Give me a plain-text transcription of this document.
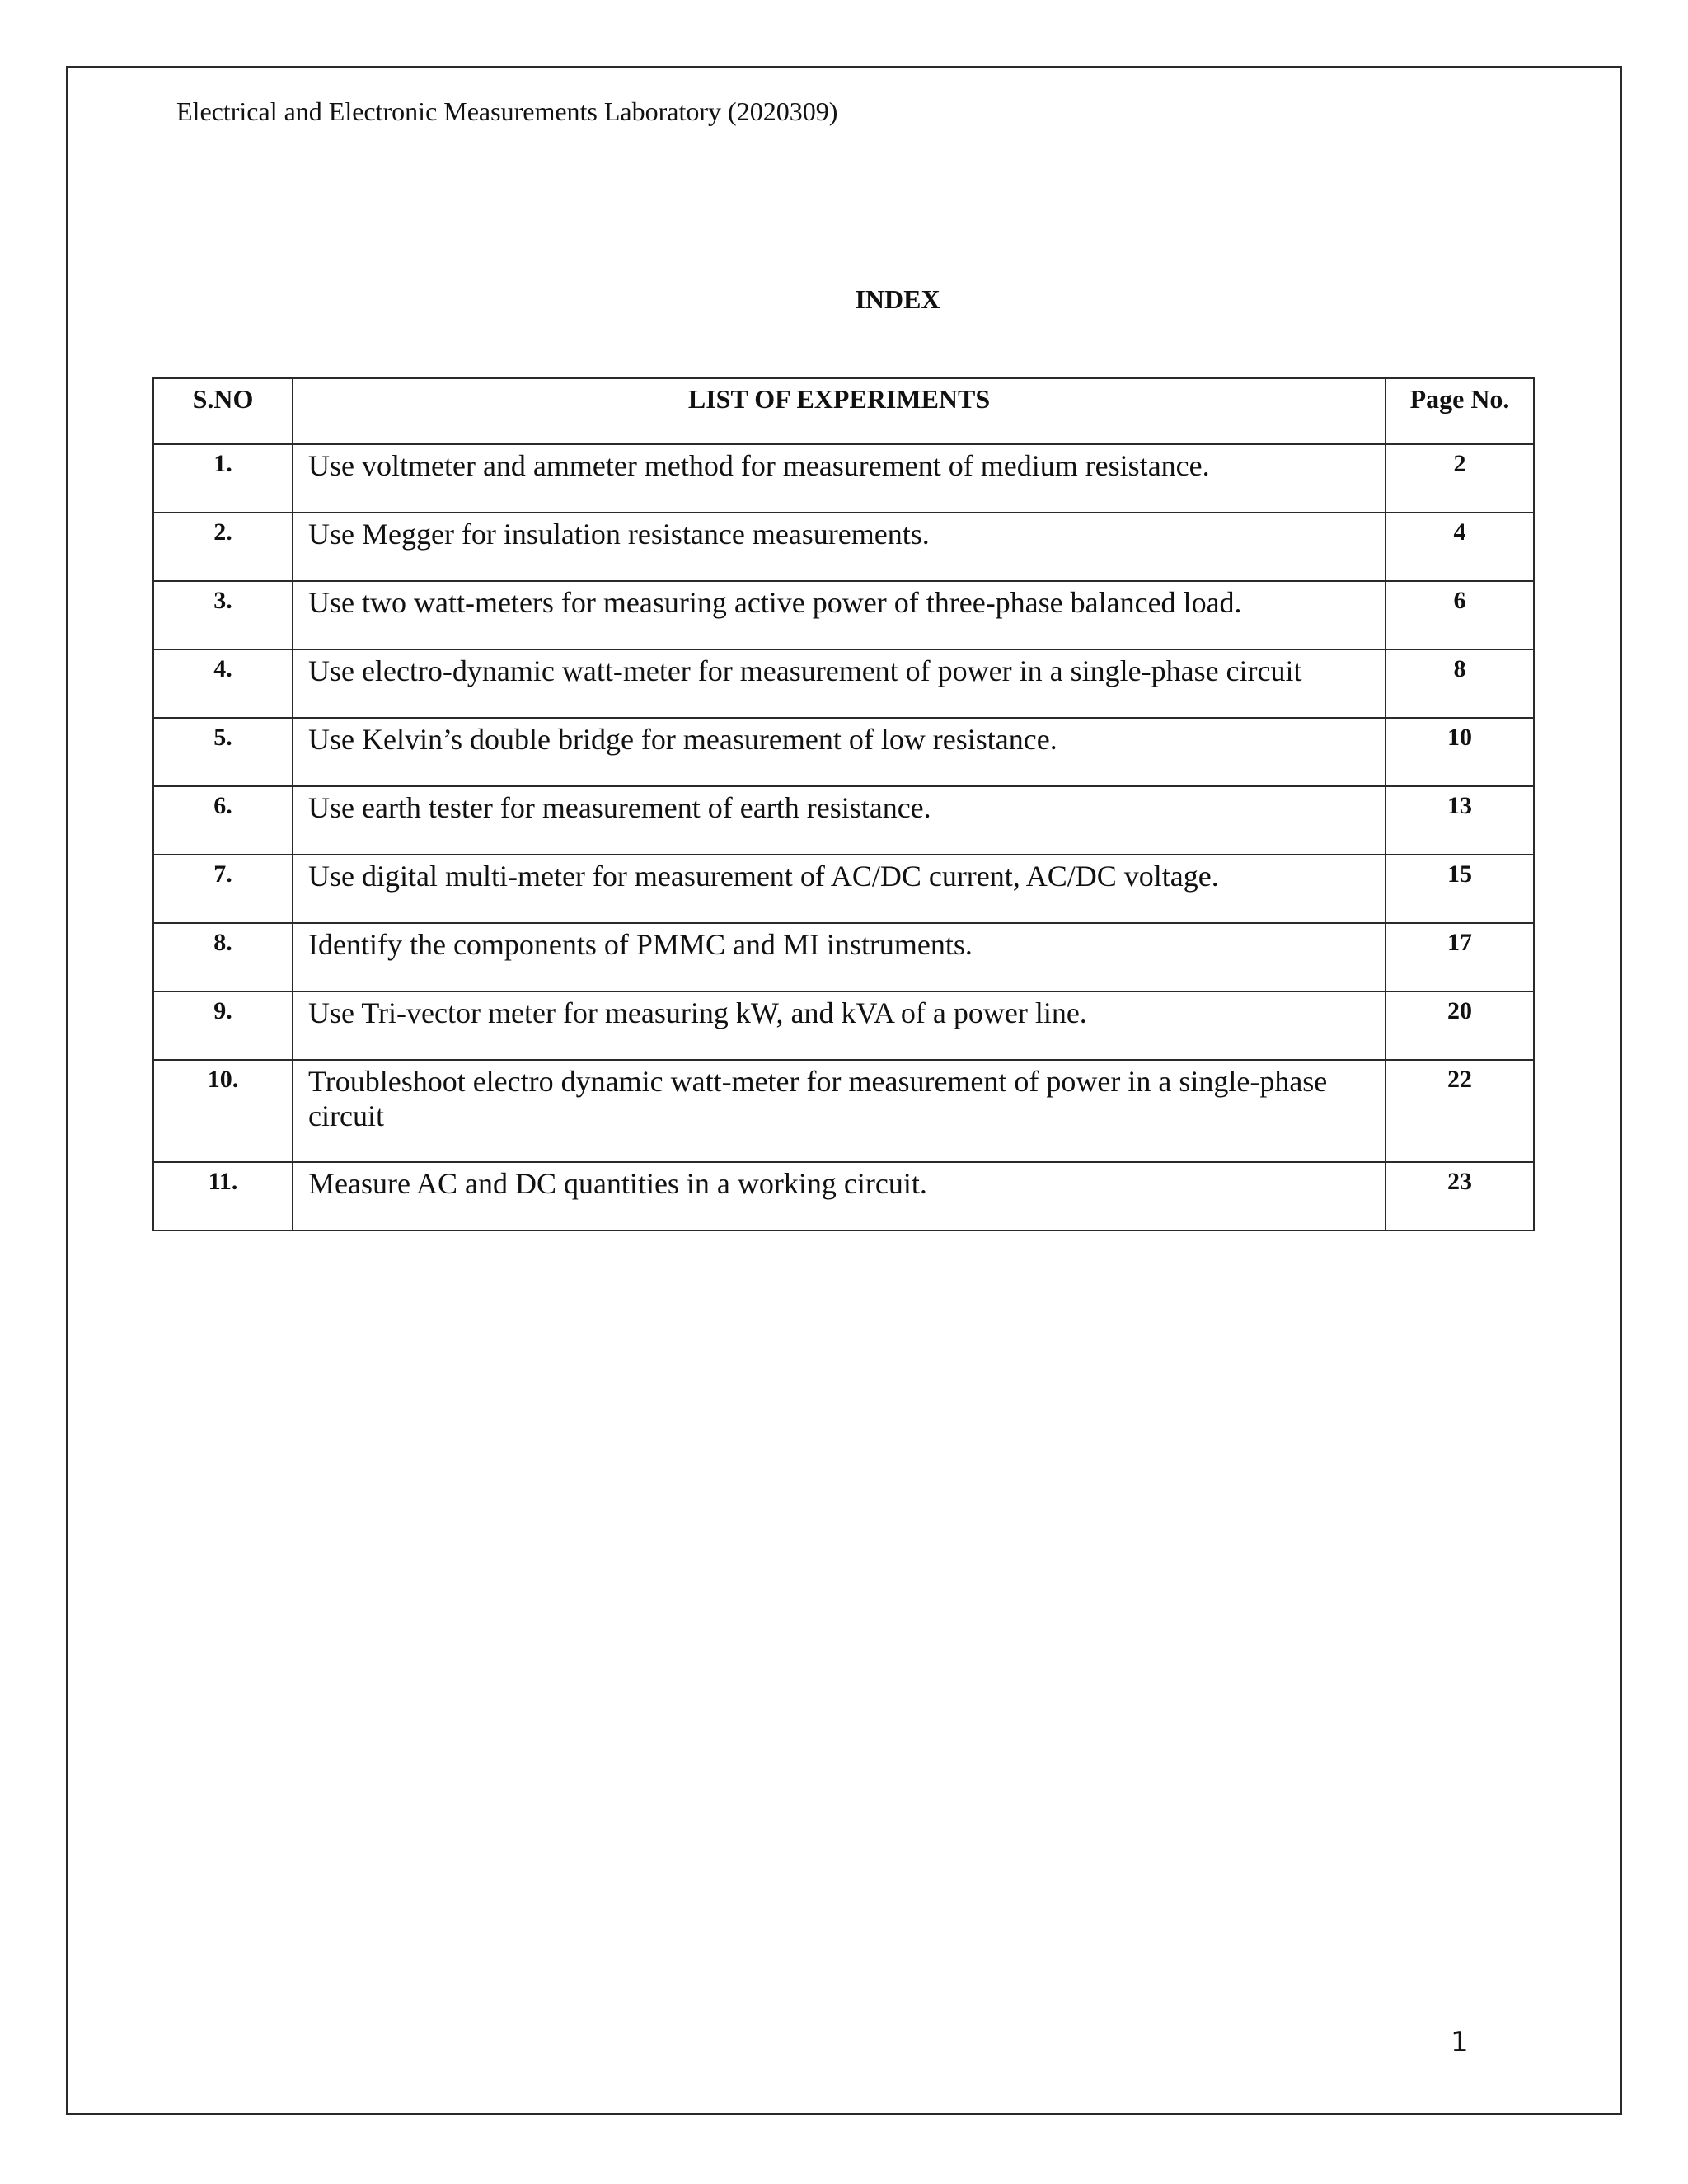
Electrical and Electronic Measurements Laboratory (2020309)
INDEX
S.NO	LIST OF EXPERIMENTS	Page No.
1.	Use voltmeter and ammeter method for measurement of medium resistance.	2
2.	Use Megger for insulation resistance measurements.	4
3.	Use two watt-meters for measuring active power of three-phase balanced load.	6
4.	Use electro-dynamic watt-meter for measurement of power in a single-phase circuit	8
5.	Use Kelvin’s double bridge for measurement of low resistance.	10
6.	Use earth tester for measurement of earth resistance.	13
7.	Use digital multi-meter for measurement of AC/DC current, AC/DC voltage.	15
8.	Identify the components of PMMC and MI instruments.	17
9.	Use Tri-vector meter for measuring kW, and kVA of a power line.	20
10.	Troubleshoot electro dynamic watt-meter for measurement of power in a single-phase circuit	22
11.	Measure AC and DC quantities in a working circuit.	23
1
